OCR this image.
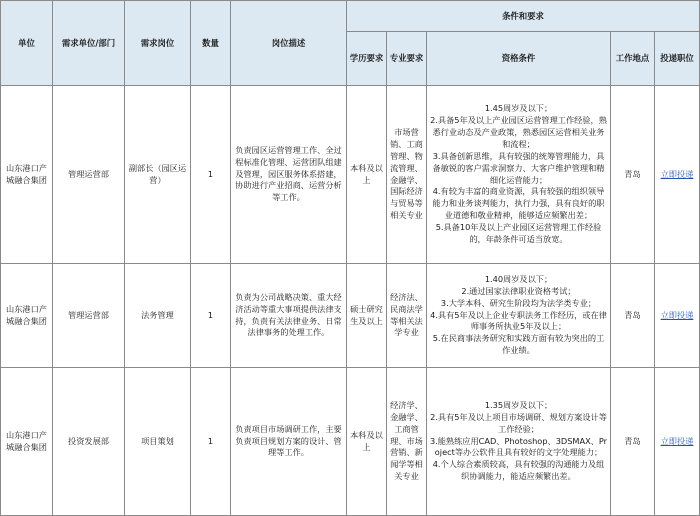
单位	需求单位/部门	需求岗位	数量	岗位描述	条件和要求				
					学历要求	专业要求	资格条件	工作地点	投递职位
山东港口产城融合集团	管理运营部	副部长（园区运营）	1	负责园区运营管理工作、全过程标准化管理、运营团队组建及管理，园区服务体系搭建，协助进行产业招商、运营分析等工作。	本科及以上	市场营销、工商管理、物流管理、金融学、国际经济与贸易等相关专业	1.45周岁及以下；
2.具备5年及以上产业园区运营管理工作经验，熟悉行业动态及产业政策，熟悉园区运营相关业务和流程；
3.具备创新思维，具有较强的统筹管理能力，具备敏锐的客户需求洞察力、大客户维护管理和精细化运营能力；
4.有较为丰富的商业资源，具有较强的组织领导能力和业务谈判能力，执行力强，具有良好的职业道德和敬业精神，能够适应频繁出差；
5.具备10年及以上产业园区运营管理工作经验的，年龄条件可适当放宽。	青岛	立即投递
山东港口产城融合集团	管理运营部	法务管理	1	负责为公司战略决策、重大经济活动等重大事项提供法律支持，负责有关法律业务、日常法律事务的处理工作。	硕士研究生及以上	经济法、民商法学等相关法学专业	1.40周岁及以下；
2.通过国家法律职业资格考试；
3.大学本科、研究生阶段均为法学类专业；
4.具有5年及以上企业专职法务工作经历，或在律师事务所执业5年及以上；
5.在民商事法务研究和实践方面有较为突出的工作业绩。	青岛	立即投递
山东港口产城融合集团	投资发展部	项目策划	1	负责项目市场调研工作，主要负责项目规划方案的设计、管理等工作。	本科及以上	经济学、金融学、工商管理、市场营销、新闻学等相关专业	1.35周岁及以下；
2.具有5年及以上项目市场调研、规划方案设计等工作经验；
3.能熟练应用CAD、Photoshop、3DSMAX、Project等办公软件且具有较好的文字处理能力；
4.个人综合素质较高，具有较强的沟通能力及组织协调能力，能适应频繁出差。	青岛	立即投递
